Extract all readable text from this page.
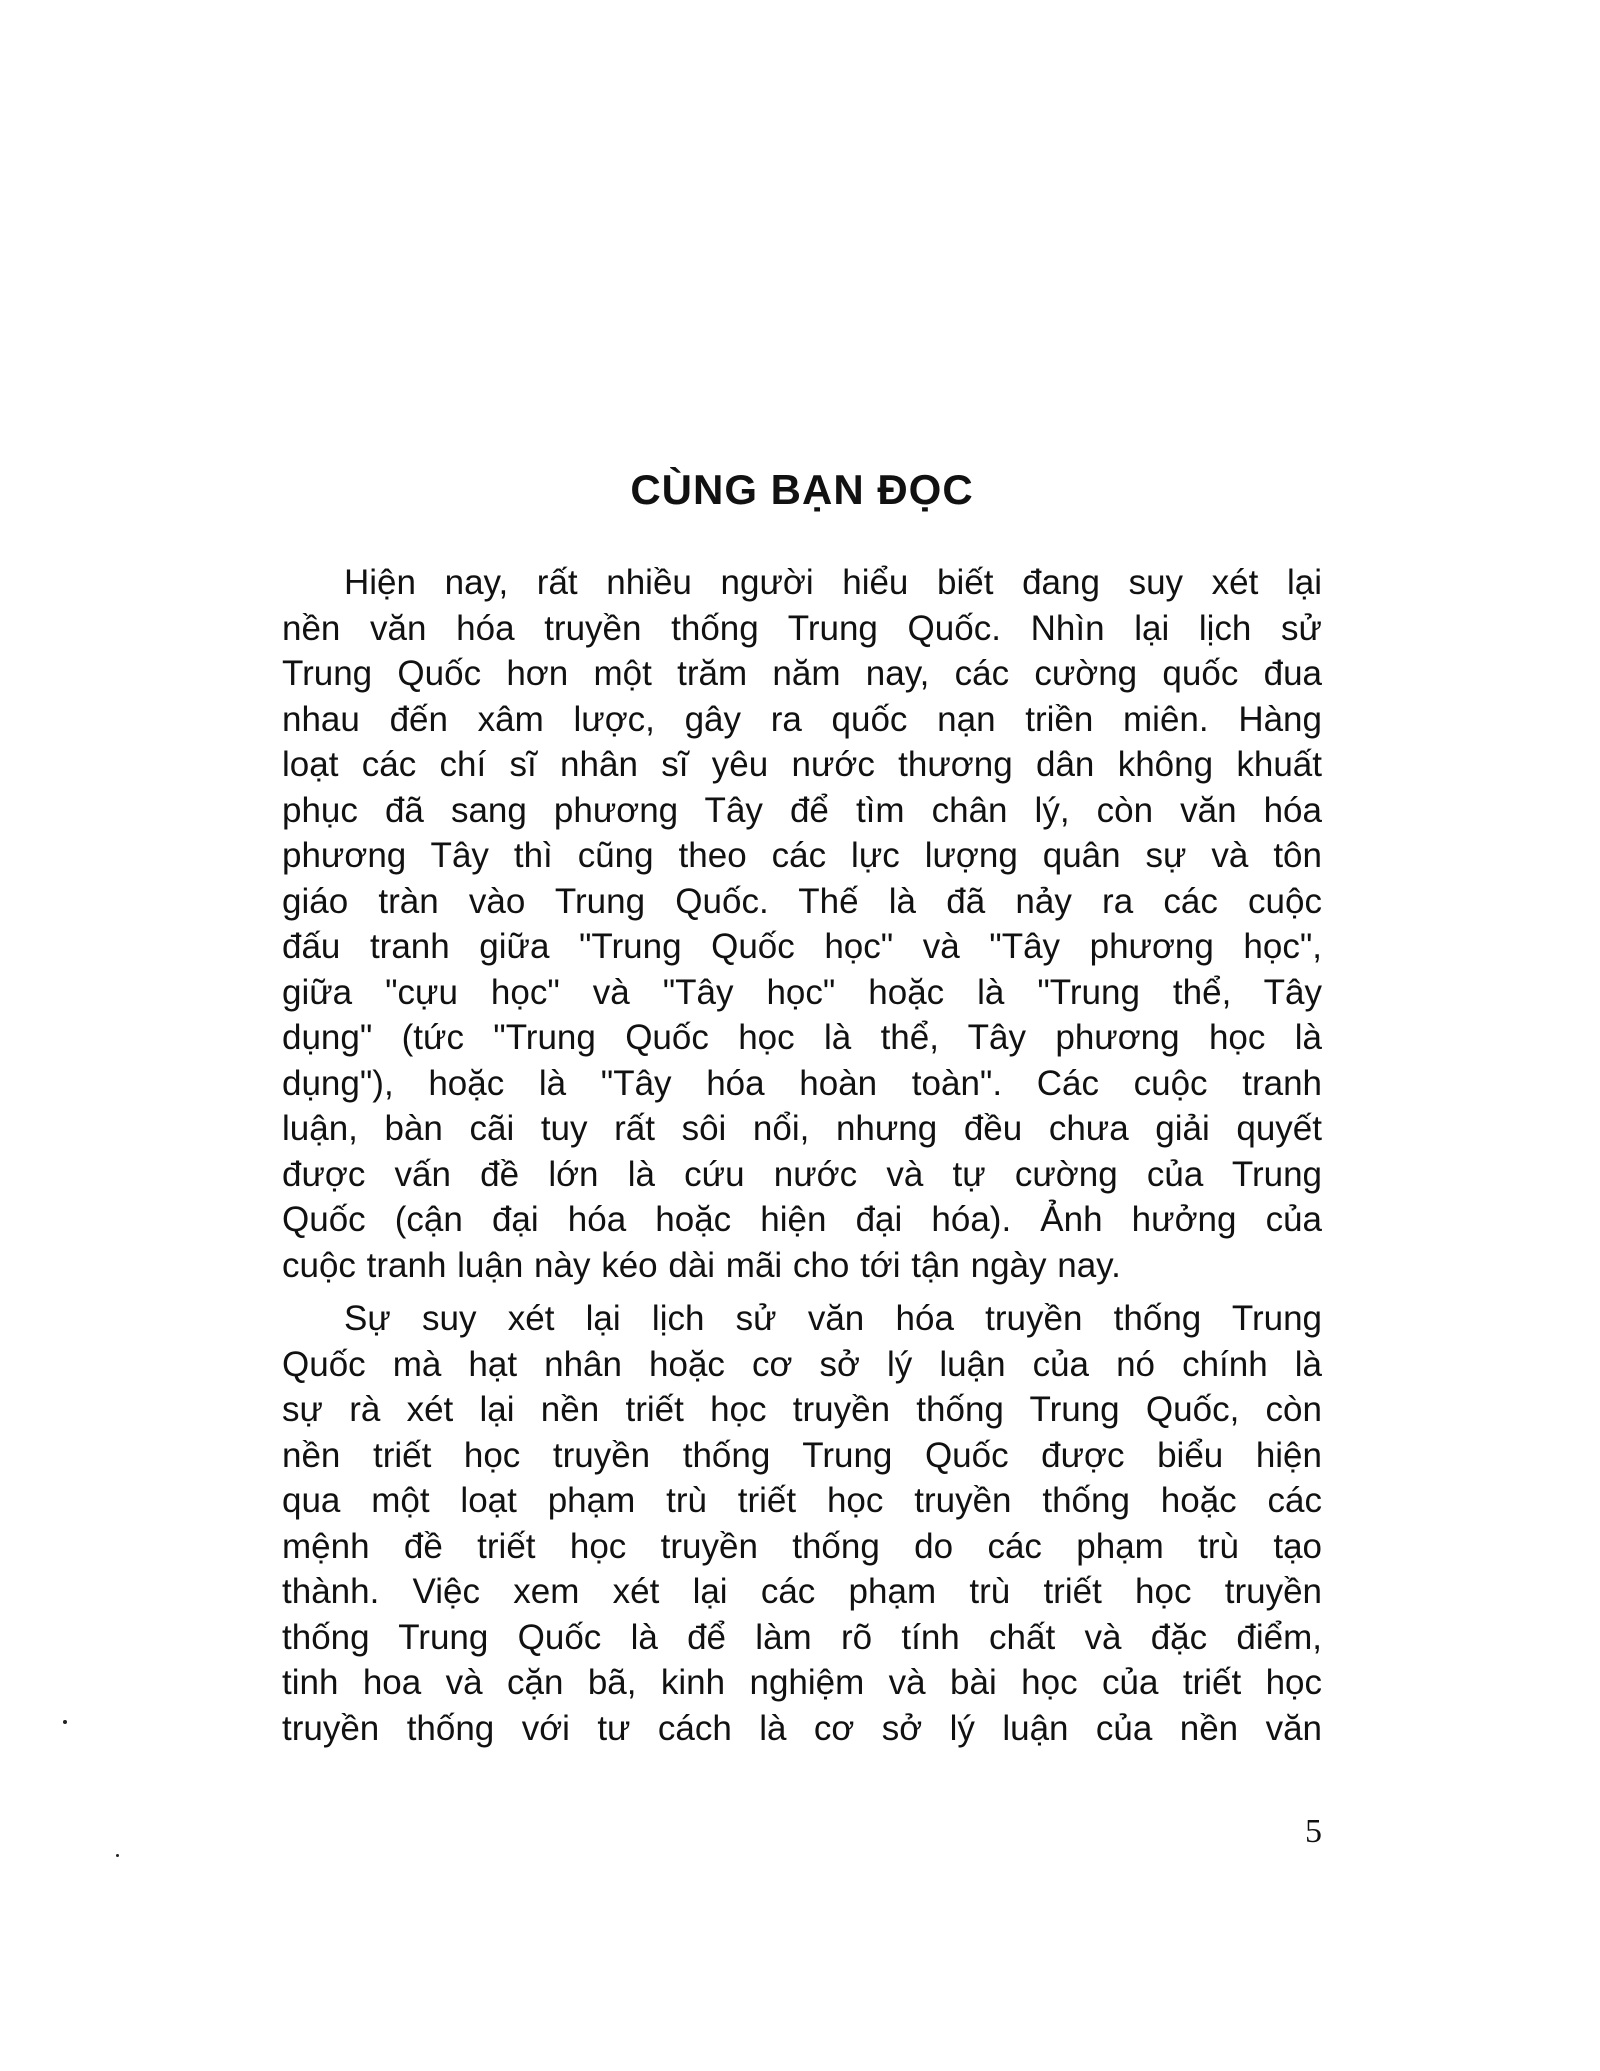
CÙNG BẠN ĐỌC

Hiện nay, rất nhiều người hiểu biết đang suy xét lại
nền văn hóa truyền thống Trung Quốc. Nhìn lại lịch sử
Trung Quốc hơn một trăm năm nay, các cường quốc đua
nhau đến xâm lược, gây ra quốc nạn triền miên. Hàng
loạt các chí sĩ nhân sĩ yêu nước thương dân không khuất
phục đã sang phương Tây để tìm chân lý, còn văn hóa
phương Tây thì cũng theo các lực lượng quân sự và tôn
giáo tràn vào Trung Quốc. Thế là đã nảy ra các cuộc
đấu tranh giữa "Trung Quốc học" và "Tây phương học",
giữa "cựu học" và "Tây học" hoặc là "Trung thể, Tây
dụng" (tức "Trung Quốc học là thể, Tây phương học là
dụng"), hoặc là "Tây hóa hoàn toàn". Các cuộc tranh
luận, bàn cãi tuy rất sôi nổi, nhưng đều chưa giải quyết
được vấn đề lớn là cứu nước và tự cường của Trung
Quốc (cận đại hóa hoặc hiện đại hóa). Ảnh hưởng của
cuộc tranh luận này kéo dài mãi cho tới tận ngày nay.

Sự suy xét lại lịch sử văn hóa truyền thống Trung
Quốc mà hạt nhân hoặc cơ sở lý luận của nó chính là
sự rà xét lại nền triết học truyền thống Trung Quốc, còn
nền triết học truyền thống Trung Quốc được biểu hiện
qua một loạt phạm trù triết học truyền thống hoặc các
mệnh đề triết học truyền thống do các phạm trù tạo
thành. Việc xem xét lại các phạm trù triết học truyền
thống Trung Quốc là để làm rõ tính chất và đặc điểm,
tinh hoa và cặn bã, kinh nghiệm và bài học của triết học
truyền thống với tư cách là cơ sở lý luận của nền văn

5
